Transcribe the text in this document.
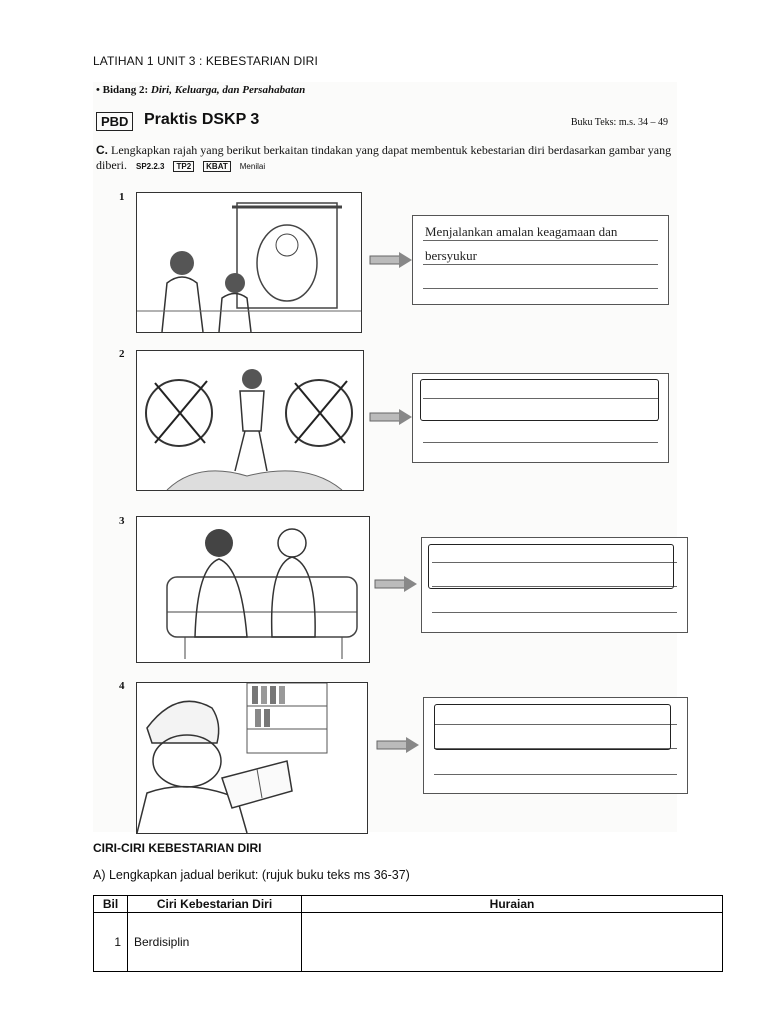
LATIHAN 1 UNIT 3 : KEBESTARIAN DIRI
• Bidang 2: Diri, Keluarga, dan Persahabatan
PBD Praktis DSKP 3	Buku Teks: m.s. 34 – 49
C. Lengkapkan rajah yang berikut berkaitan tindakan yang dapat membentuk kebestarian diri berdasarkan gambar yang diberi. SP2.2.3 TP2 KBAT Menilai
1
Menjalankan amalan keagamaan dan
bersyukur
2
3
4
CIRI-CIRI KEBESTARIAN DIRI
A) Lengkapkan jadual berikut: (rujuk buku teks ms 36-37)
Bil	Ciri Kebestarian Diri	Huraian
1	Berdisiplin	
